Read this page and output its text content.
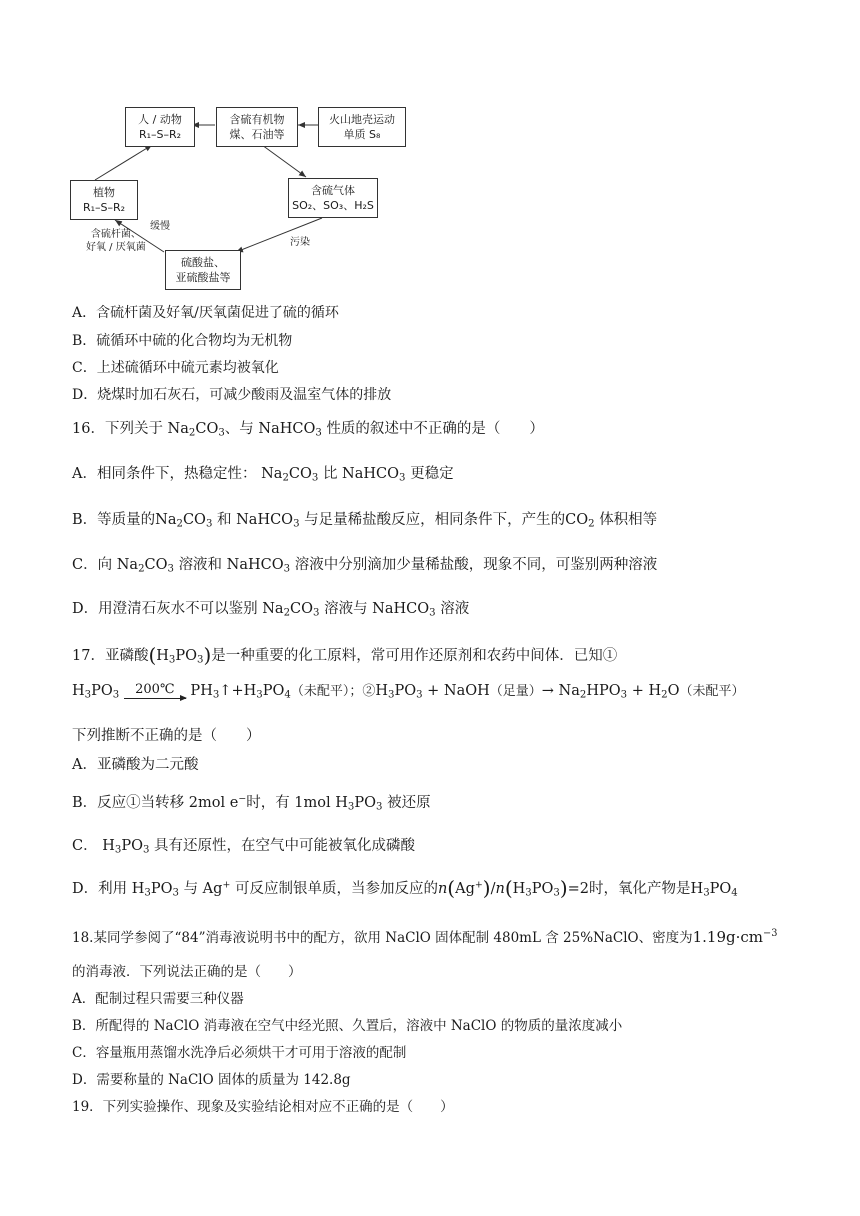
人 / 动物
R₁–S–R₂
含硫有机物
煤、石油等
火山地壳运动
单质 S₈
植物
R₁–S–R₂
含硫气体
SO₂、SO₃、H₂S
硫酸盐、
亚硫酸盐等
缓慢
含硫杆菌、
好氧 / 厌氧菌	污染
A．含硫杆菌及好氧/厌氧菌促进了硫的循环
B．硫循环中硫的化合物均为无机物
C．上述硫循环中硫元素均被氧化
D．烧煤时加石灰石，可减少酸雨及温室气体的排放
16．下列关于 $Na_2CO_3$、与 NaHCO$_3$ 性质的叙述中不正确的是（　　）
A．相同条件下，热稳定性： $Na_2CO_3$ 比 NaHCO$_3$ 更稳定
B．等质量的$Na_2CO_3$ 和 NaHCO$_3$ 与足量稀盐酸反应，相同条件下，产生的$CO_2$ 体积相等
C．向 $Na_2CO_3$ 溶液和 NaHCO$_3$ 溶液中分别滴加少量稀盐酸，现象不同，可鉴别两种溶液
D．用澄清石灰水不可以鉴别 $Na_2CO_3$ 溶液与 NaHCO$_3$ 溶液
17．亚磷酸$(H_3PO_3)$是一种重要的化工原料，常可用作还原剂和农药中间体．已知①
$H_3PO_3$	200℃ $PH_3↑+H_3PO_4$（未配平）；$②H_3PO_3$ + NaOH（足量）→ $Na_2HPO_3 + H_2O$（未配平）
下列推断不正确的是（　　）
A．亚磷酸为二元酸
B．反应①当转移 2mol e−时，有 1mol $H_3PO_3$ 被还原
C． $H_3PO_3$ 具有还原性，在空气中可能被氧化成磷酸
D．利用 $H_3PO_3$ 与 Ag+ 可反应制银单质，当参加反应的$n(Ag^+)/n(H_3PO_3)=2$时，氧化产物是$H_3PO_4$
18.某同学参阅了“84”消毒液说明书中的配方，欲用 NaClO 固体配制 480mL 含 25%NaClO、密度为$1.19g\cdot cm^{-3}$
的消毒液．下列说法正确的是（　　）
A．配制过程只需要三种仪器
B．所配得的 NaClO 消毒液在空气中经光照、久置后，溶液中 NaClO 的物质的量浓度减小
C．容量瓶用蒸馏水洗净后必须烘干才可用于溶液的配制
D．需要称量的 NaClO 固体的质量为 142.8g
19．下列实验操作、现象及实验结论相对应不正确的是（　　）
